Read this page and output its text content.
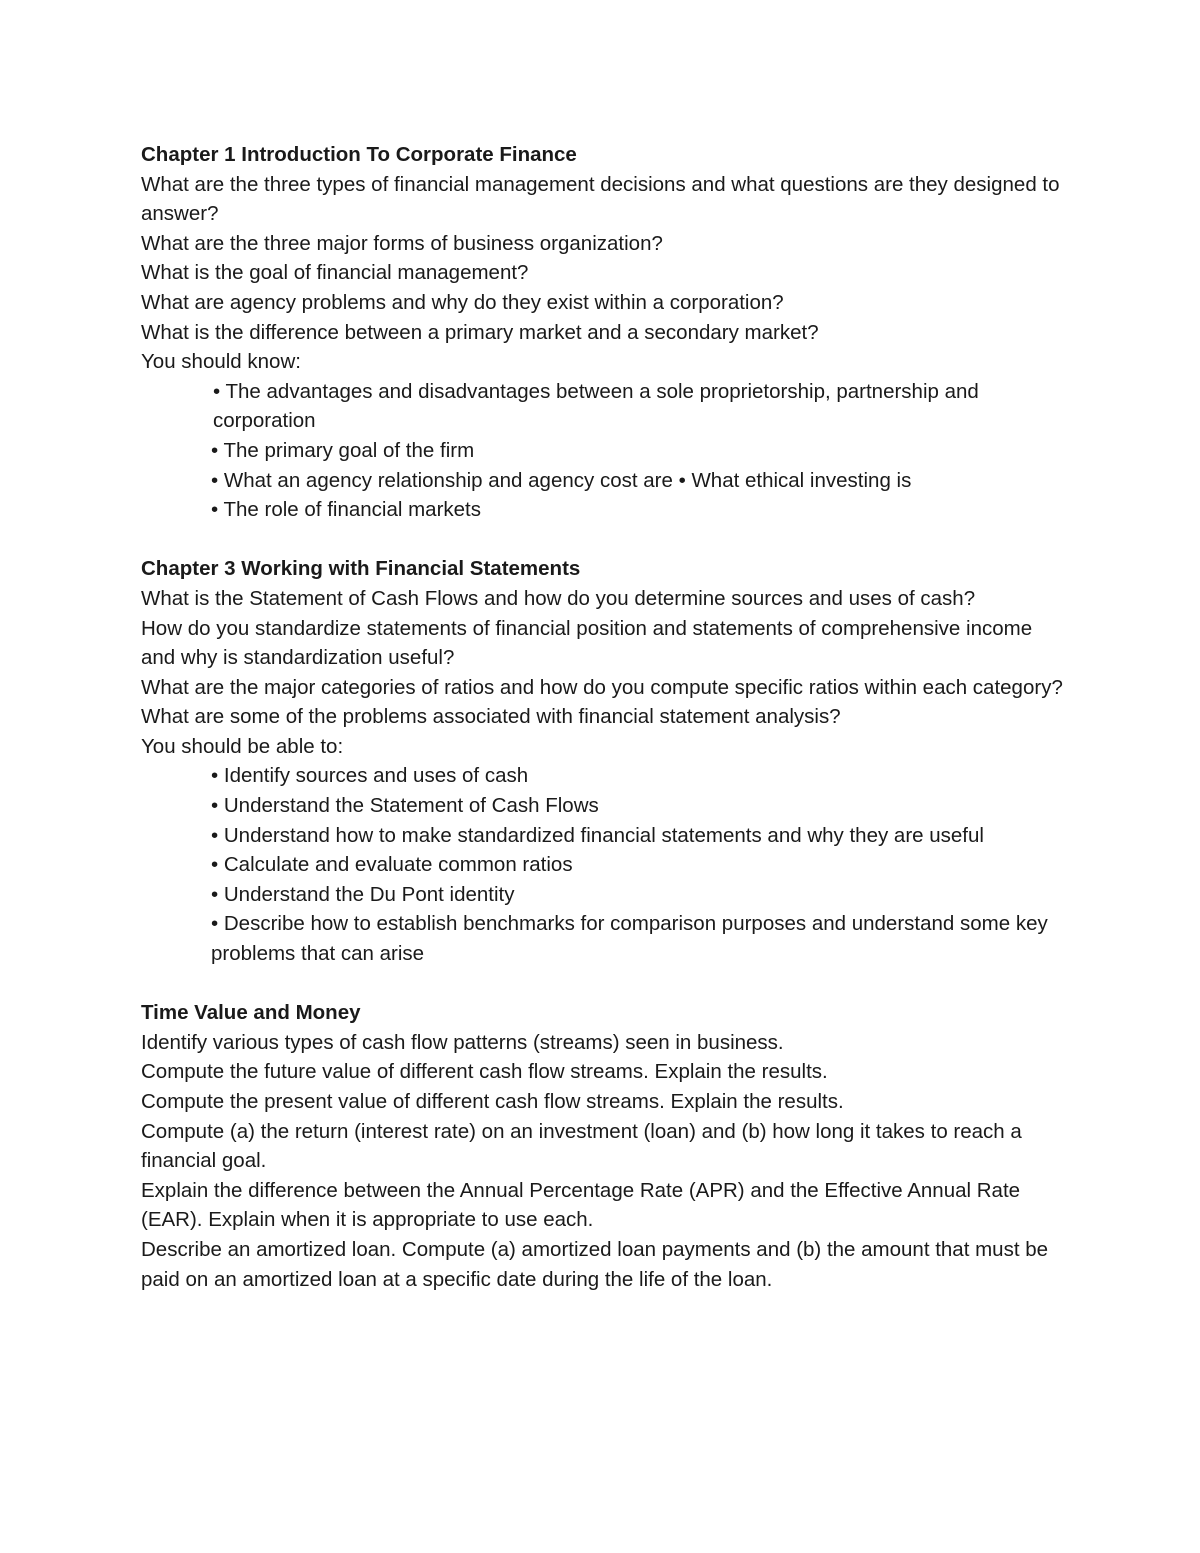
Chapter 1 Introduction To Corporate Finance

What are the three types of financial management decisions and what questions are they designed to answer?

What are the three major forms of business organization?

What is the goal of financial management?

What are agency problems and why do they exist within a corporation?

What is the difference between a primary market and a secondary market?

You should know:

• The advantages and disadvantages between a sole proprietorship, partnership and corporation
• The primary goal of the firm
• What an agency relationship and agency cost are • What ethical investing is
• The role of financial markets

Chapter 3 Working with Financial Statements

What is the Statement of Cash Flows and how do you determine sources and uses of cash?

How do you standardize statements of financial position and statements of comprehensive income and why is standardization useful?

What are the major categories of ratios and how do you compute specific ratios within each category?

What are some of the problems associated with financial statement analysis?

You should be able to:

• Identify sources and uses of cash
• Understand the Statement of Cash Flows
• Understand how to make standardized financial statements and why they are useful
• Calculate and evaluate common ratios
• Understand the Du Pont identity
• Describe how to establish benchmarks for comparison purposes and understand some key problems that can arise

Time Value and Money

Identify various types of cash flow patterns (streams) seen in business.

Compute the future value of different cash flow streams. Explain the results.

Compute the present value of different cash flow streams. Explain the results.

Compute (a) the return (interest rate) on an investment (loan) and (b) how long it takes to reach a financial goal.

Explain the difference between the Annual Percentage Rate (APR) and the Effective Annual Rate (EAR). Explain when it is appropriate to use each.

Describe an amortized loan. Compute (a) amortized loan payments and (b) the amount that must be paid on an amortized loan at a specific date during the life of the loan.
